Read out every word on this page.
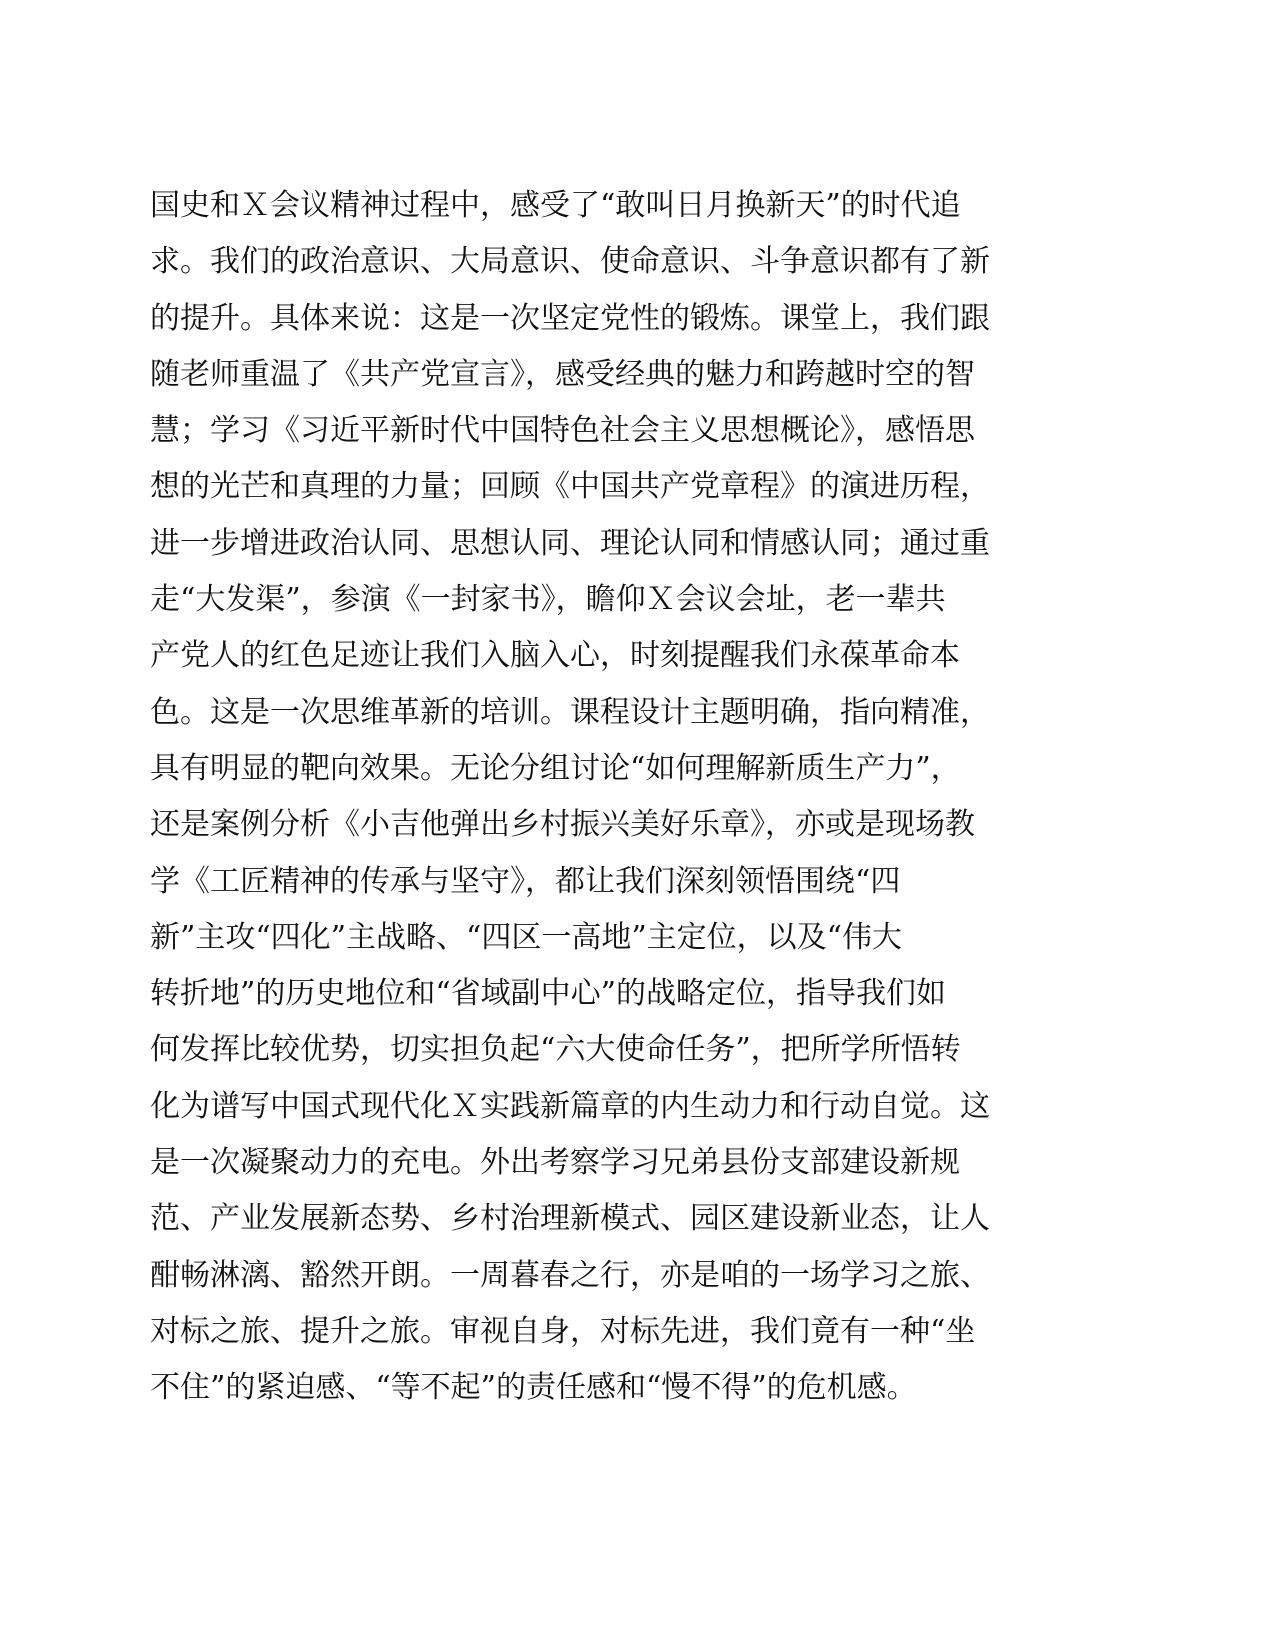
国史和Ｘ会议精神过程中，感受了“敢叫日月换新天”的时代追
求。我们的政治意识、大局意识、使命意识、斗争意识都有了新
的提升。具体来说：这是一次坚定党性的锻炼。课堂上，我们跟
随老师重温了《共产党宣言》，感受经典的魅力和跨越时空的智
慧；学习《习近平新时代中国特色社会主义思想概论》，感悟思
想的光芒和真理的力量；回顾《中国共产党章程》的演进历程，
进一步增进政治认同、思想认同、理论认同和情感认同；通过重
走“大发渠”，参演《一封家书》，瞻仰Ｘ会议会址，老一辈共
产党人的红色足迹让我们入脑入心，时刻提醒我们永葆革命本
色。这是一次思维革新的培训。课程设计主题明确，指向精准，
具有明显的靶向效果。无论分组讨论“如何理解新质生产力”，
还是案例分析《小吉他弹出乡村振兴美好乐章》，亦或是现场教
学《工匠精神的传承与坚守》，都让我们深刻领悟围绕“四
新”主攻“四化”主战略、“四区一高地”主定位，以及“伟大
转折地”的历史地位和“省域副中心”的战略定位，指导我们如
何发挥比较优势，切实担负起“六大使命任务”，把所学所悟转
化为谱写中国式现代化Ｘ实践新篇章的内生动力和行动自觉。这
是一次凝聚动力的充电。外出考察学习兄弟县份支部建设新规
范、产业发展新态势、乡村治理新模式、园区建设新业态，让人
酣畅淋漓、豁然开朗。一周暮春之行，亦是咱的一场学习之旅、
对标之旅、提升之旅。审视自身，对标先进，我们竟有一种“坐
不住”的紧迫感、“等不起”的责任感和“慢不得”的危机感。
